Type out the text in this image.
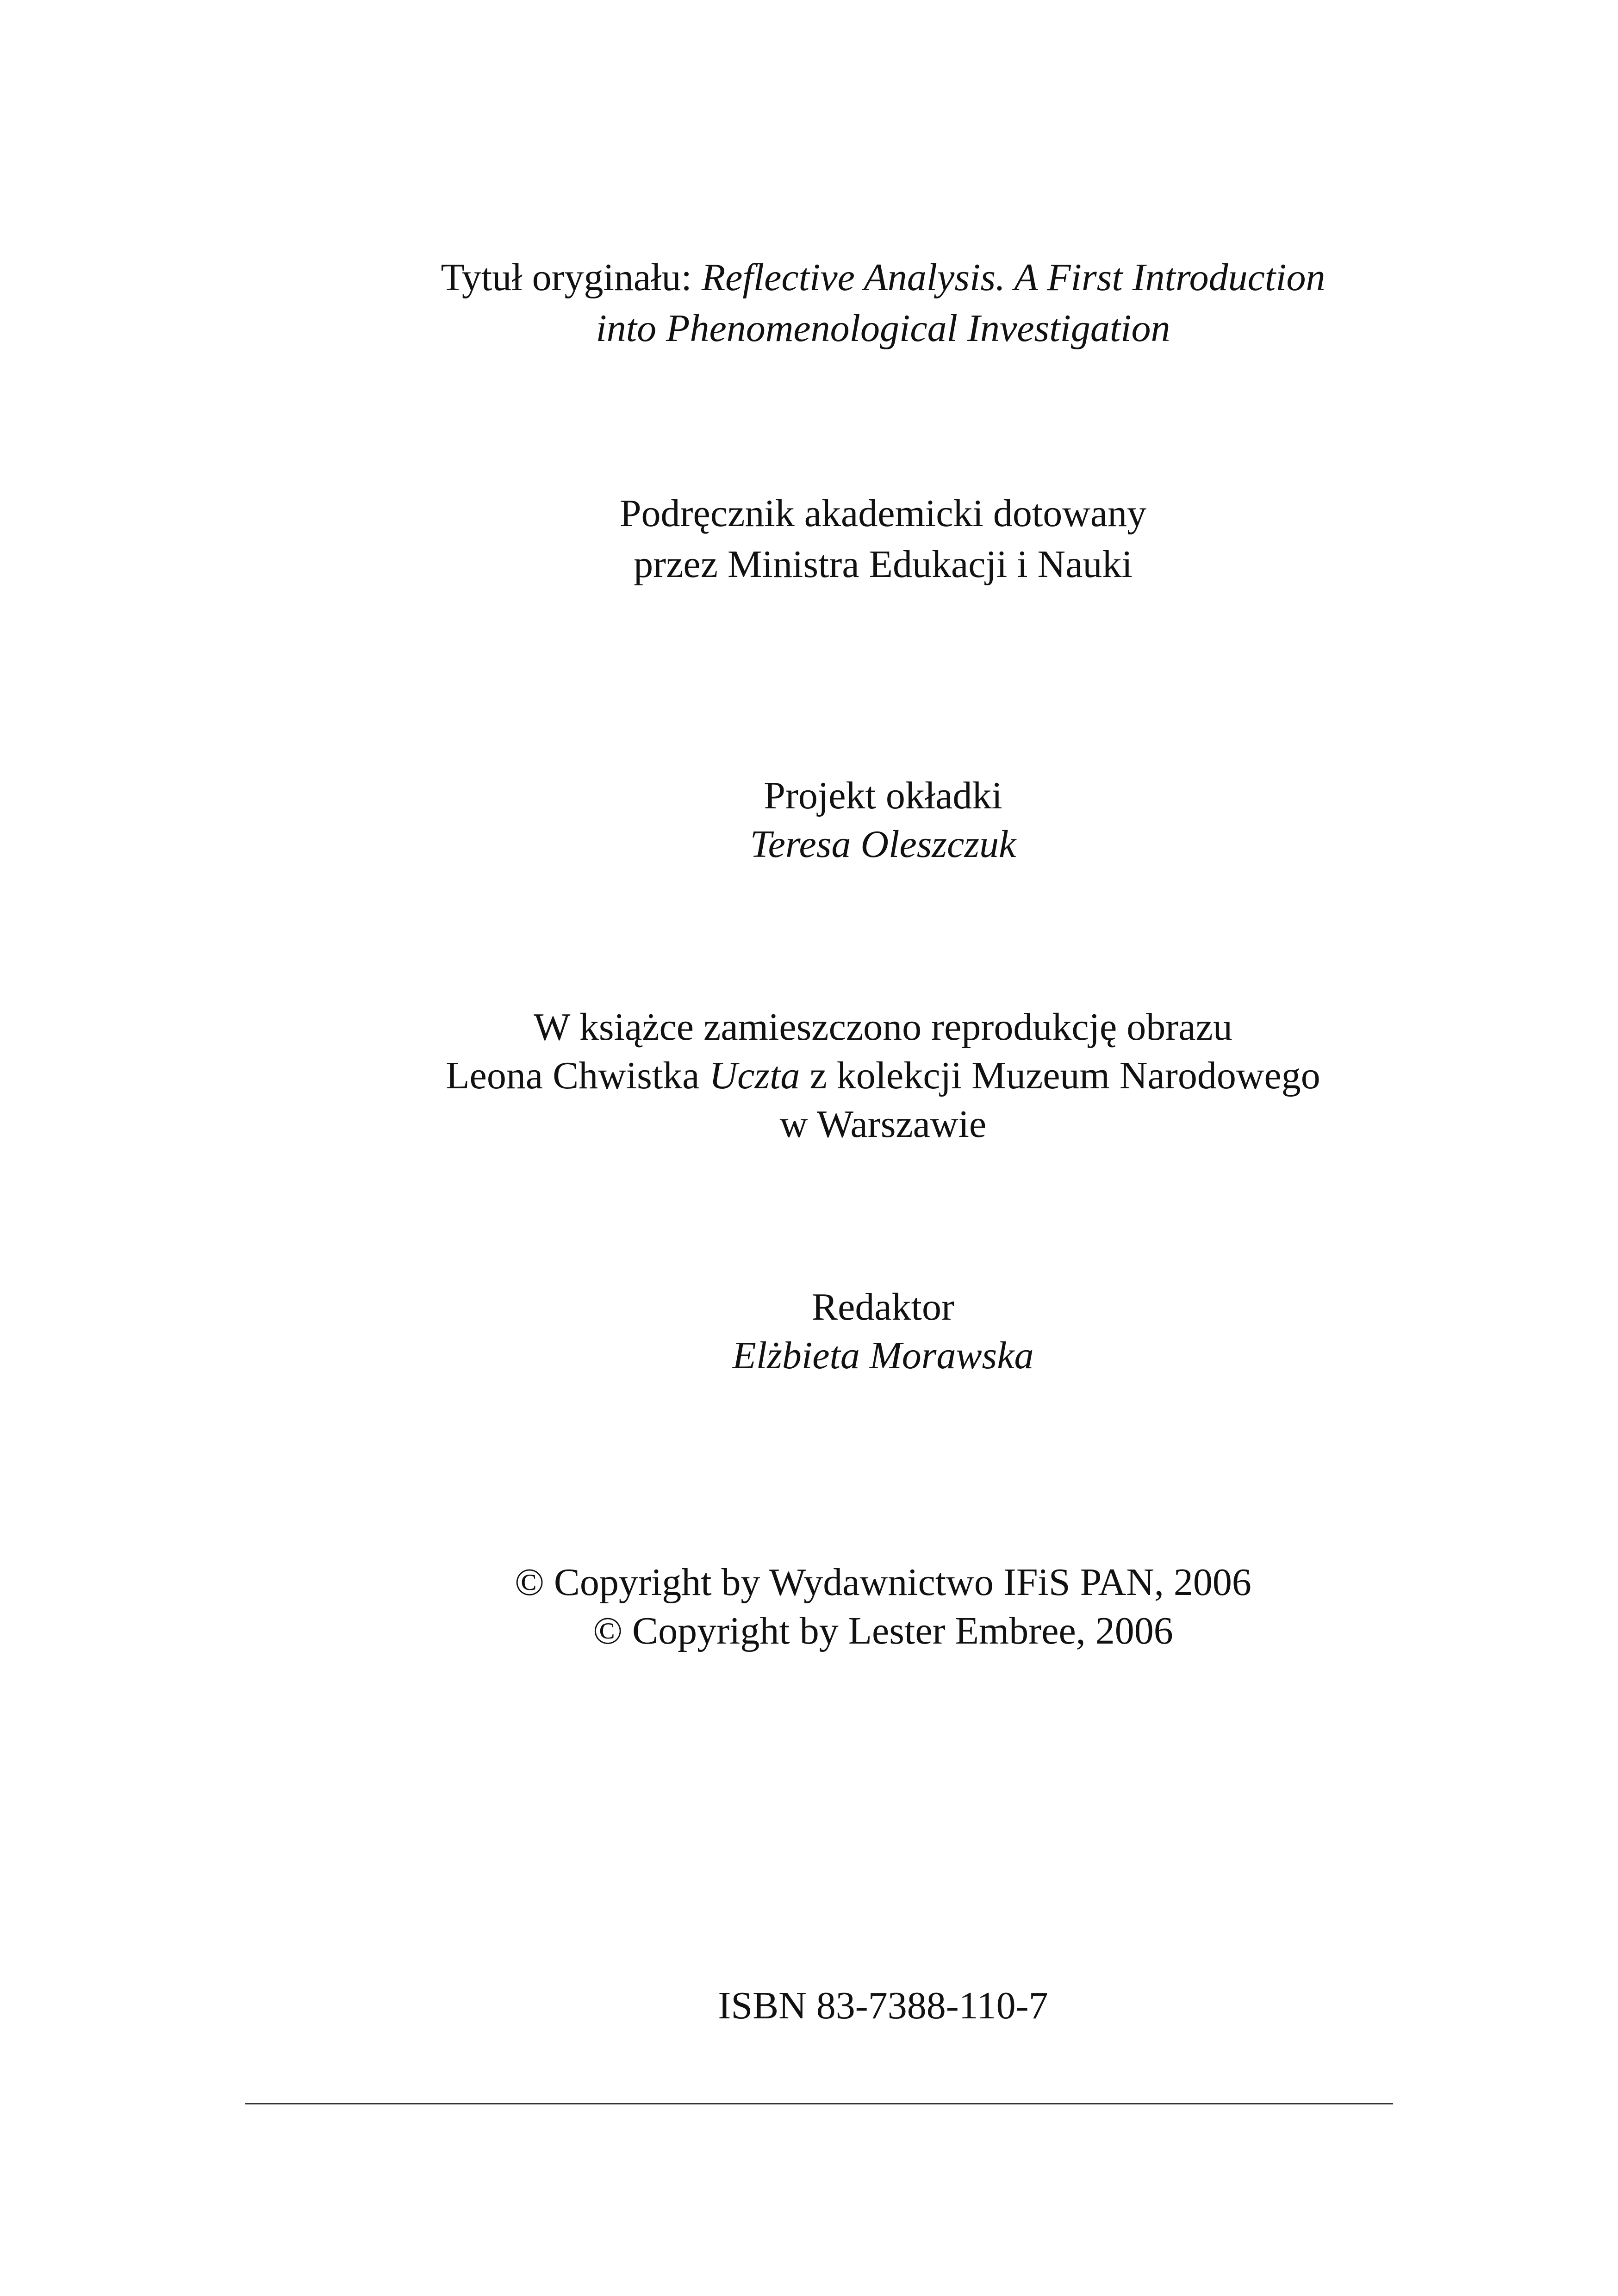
Tytuł oryginału: Reflective Analysis. A First Introduction
into Phenomenological Investigation
Podręcznik akademicki dotowany
przez Ministra Edukacji i Nauki
Projekt okładki
Teresa Oleszczuk
W książce zamieszczono reprodukcję obrazu
Leona Chwistka Uczta z kolekcji Muzeum Narodowego
w Warszawie
Redaktor
Elżbieta Morawska
© Copyright by Wydawnictwo IFiS PAN, 2006
© Copyright by Lester Embree, 2006
ISBN 83-7388-110-7
